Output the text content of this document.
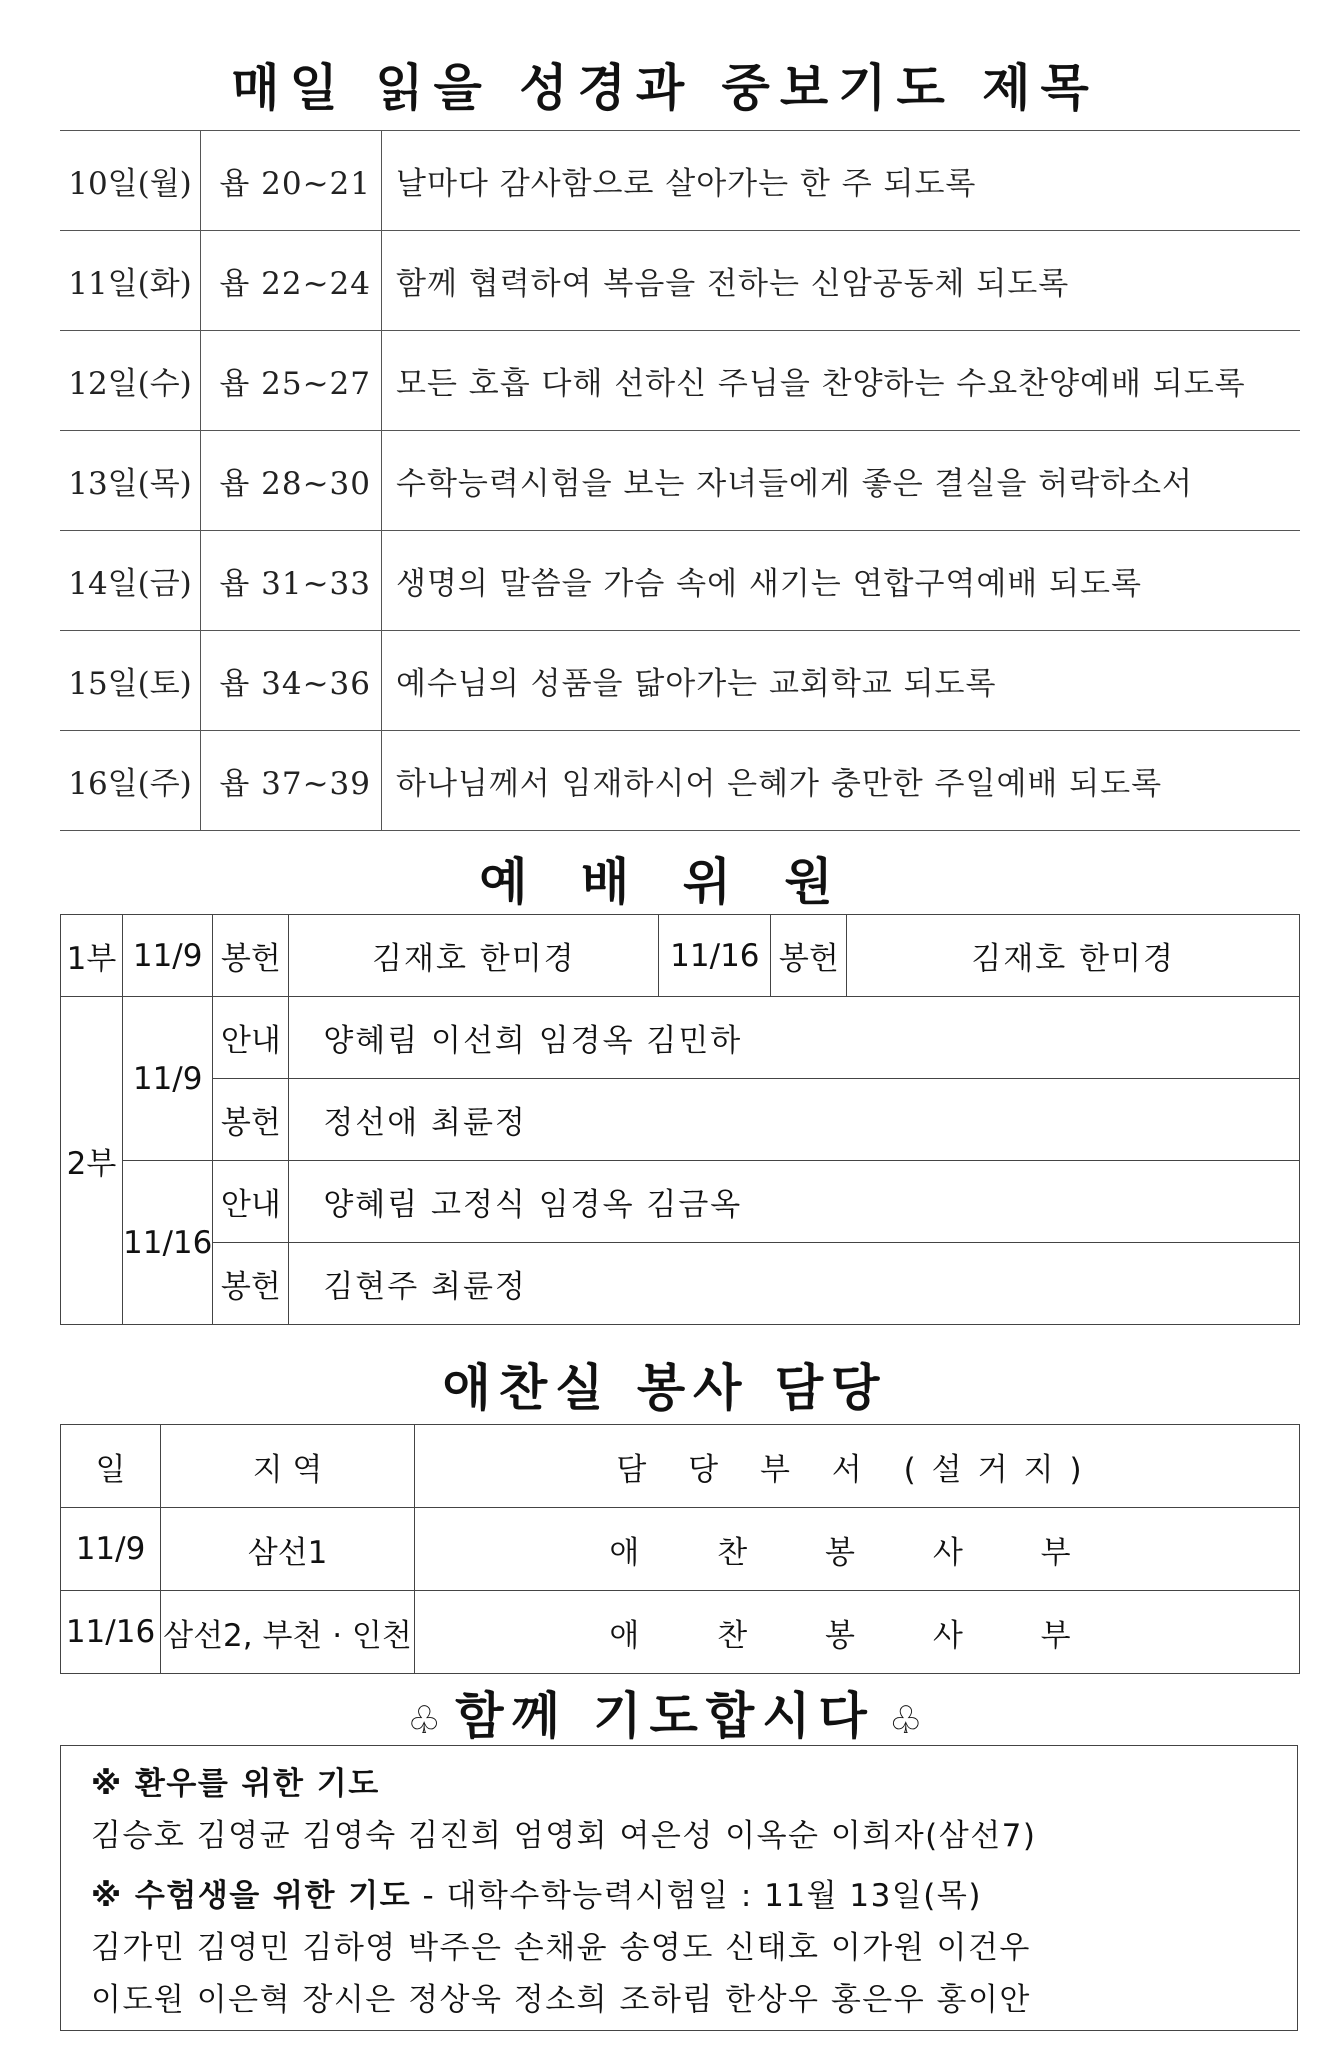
매일 읽을 성경과 중보기도 제목
10일(월)	욥 20~21	날마다 감사함으로 살아가는 한 주 되도록
11일(화)	욥 22~24	함께 협력하여 복음을 전하는 신암공동체 되도록
12일(수)	욥 25~27	모든 호흡 다해 선하신 주님을 찬양하는 수요찬양예배 되도록
13일(목)	욥 28~30	수학능력시험을 보는 자녀들에게 좋은 결실을 허락하소서
14일(금)	욥 31~33	생명의 말씀을 가슴 속에 새기는 연합구역예배 되도록
15일(토)	욥 34~36	예수님의 성품을 닮아가는 교회학교 되도록
16일(주)	욥 37~39	하나님께서 임재하시어 은혜가 충만한 주일예배 되도록
예 배 위 원
1부	11/9	봉헌	김재호 한미경	11/16	봉헌	김재호 한미경
2부	11/9	안내	양혜림 이선희 임경옥 김민하			
		봉헌	정선애 최륜정			
	11/16	안내	양혜림 고정식 임경옥 김금옥			
		봉헌	김현주 최륜정			
애찬실 봉사 담당
일	지 역	담 당 부 서 (설거지)
11/9	삼선1	애 찬 봉 사 부
11/16	삼선2, 부천 · 인천	애 찬 봉 사 부
♧ 함께 기도합시다 ♧
※ 환우를 위한 기도
김승호 김영균 김영숙 김진희 엄영회 여은성 이옥순 이희자(삼선7)
※ 수험생을 위한 기도 - 대학수학능력시험일 : 11월 13일(목)
김가민 김영민 김하영 박주은 손채윤 송영도 신태호 이가원 이건우
이도원 이은혁 장시은 정상욱 정소희 조하림 한상우 홍은우 홍이안
